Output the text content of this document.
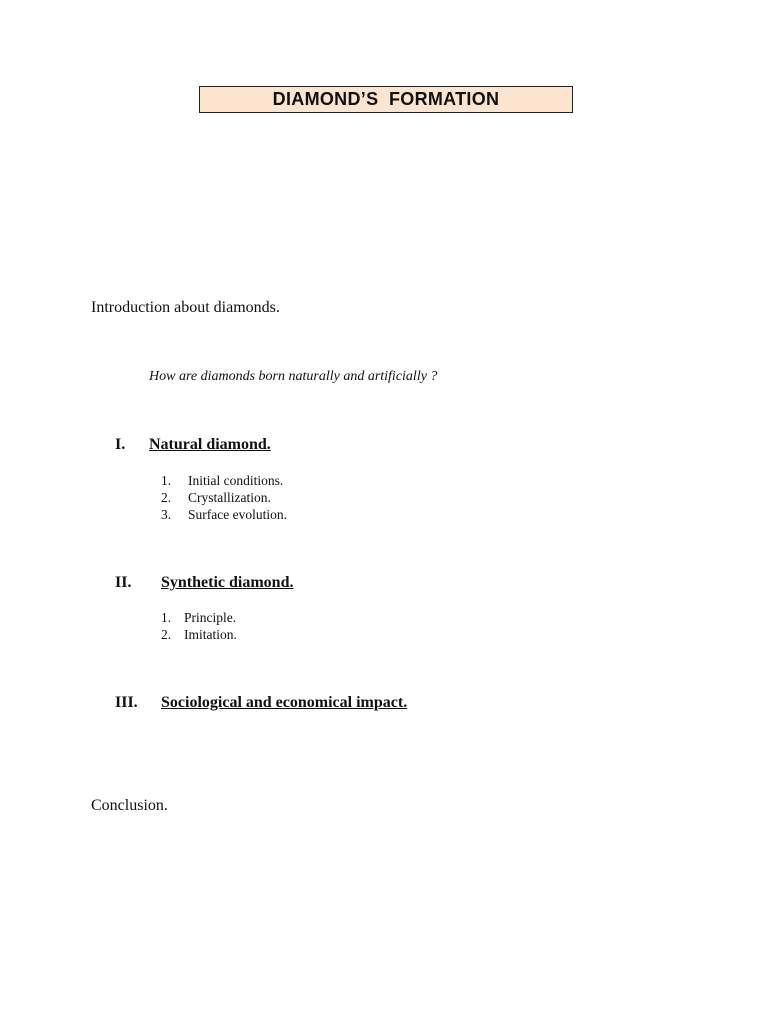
DIAMOND’S  FORMATION
Introduction about diamonds.
How are diamonds born naturally and artificially ?
I. Natural diamond.
1.	Initial conditions.
2.	Crystallization.
3.	Surface evolution.
II. Synthetic diamond.
1. Principle.
2. Imitation.
III. Sociological and economical impact.
Conclusion.
